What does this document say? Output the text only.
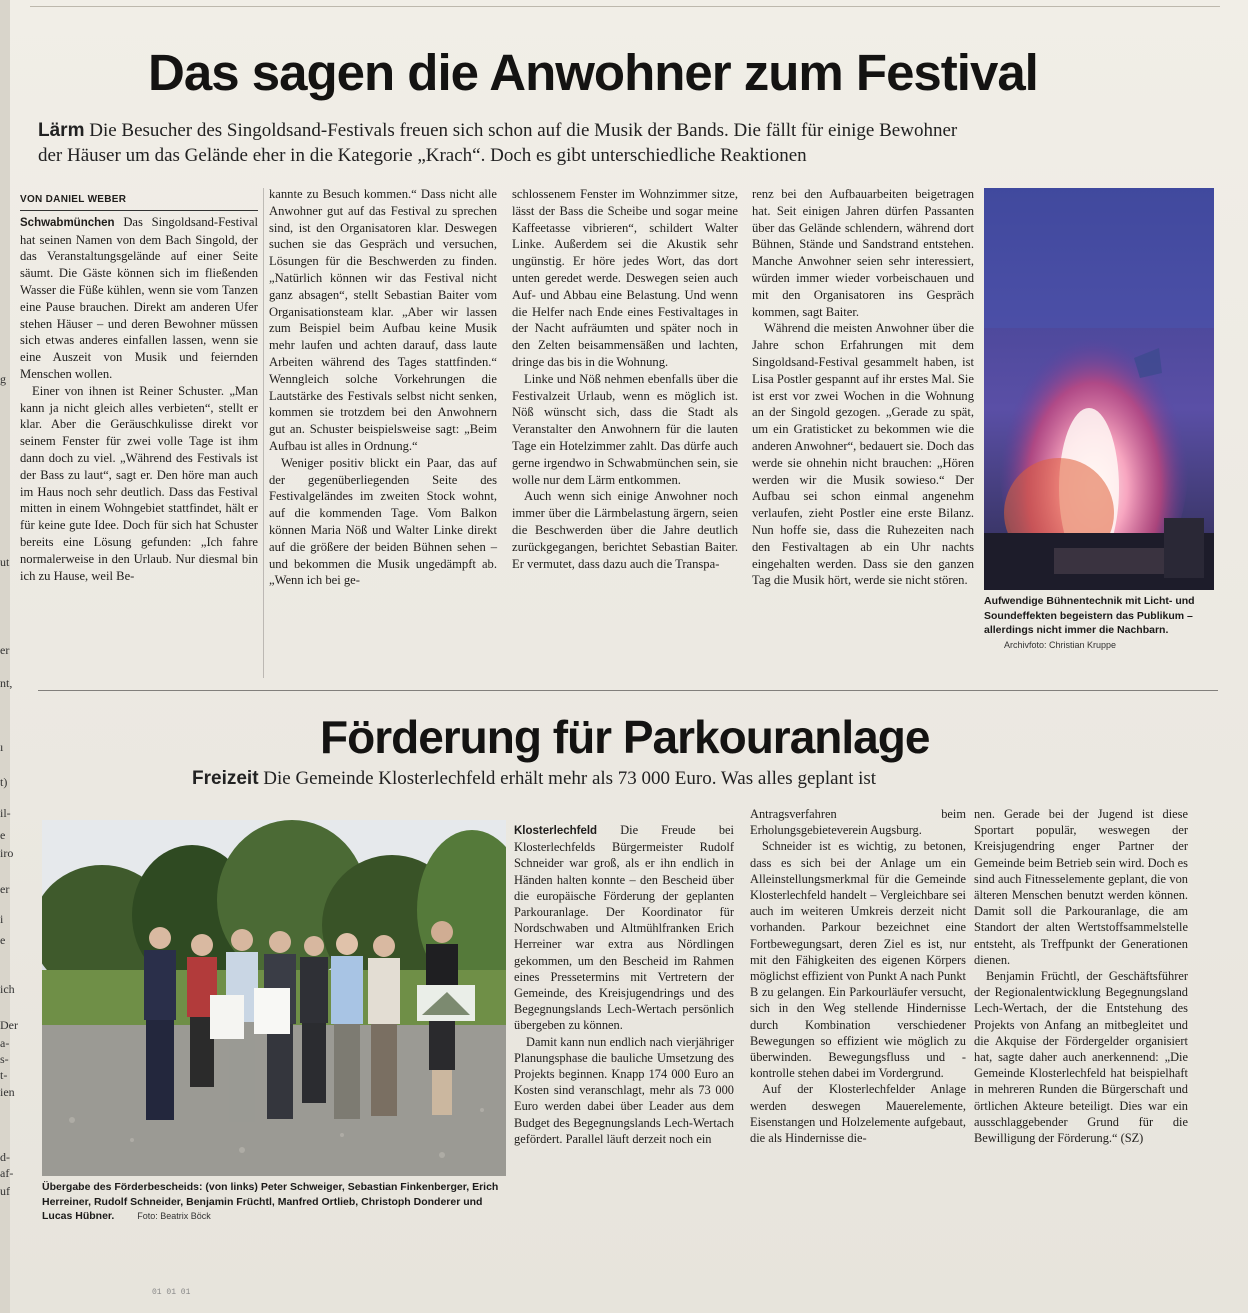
g
ut
er
nt,
ı
t)
il-
e
iro
er
i
e
ich
Der
a-
s-
t-
ien
d-
af-
uf
Das sagen die Anwohner zum Festival
Lärm Die Besucher des Singoldsand-Festivals freuen sich schon auf die Musik der Bands. Die fällt für einige Bewohner
der Häuser um das Gelände eher in die Kategorie „Krach“. Doch es gibt unterschiedliche Reaktionen
VON DANIEL WEBER

Schwabmünchen Das Singoldsand-Festival hat seinen Namen von dem Bach Singold, der das Veranstaltungsgelände auf einer Seite säumt. Die Gäste können sich im fließenden Wasser die Füße kühlen, wenn sie vom Tanzen eine Pause brauchen. Direkt am anderen Ufer stehen Häuser – und deren Bewohner müssen sich etwas anderes einfallen lassen, wenn sie eine Auszeit von Musik und feiernden Menschen wollen.

Einer von ihnen ist Reiner Schuster. „Man kann ja nicht gleich alles verbieten“, stellt er klar. Aber die Geräuschkulisse direkt vor seinem Fenster für zwei volle Tage ist ihm dann doch zu viel. „Während des Festivals ist der Bass zu laut“, sagt er. Den höre man auch im Haus noch sehr deutlich. Dass das Festival mitten in einem Wohngebiet stattfindet, hält er für keine gute Idee. Doch für sich hat Schuster bereits eine Lösung gefunden: „Ich fahre normalerweise in den Urlaub. Nur diesmal bin ich zu Hause, weil Be-

kannte zu Besuch kommen.“ Dass nicht alle Anwohner gut auf das Festival zu sprechen sind, ist den Organisatoren klar. Deswegen suchen sie das Gespräch und versuchen, Lösungen für die Beschwerden zu finden. „Natürlich können wir das Festival nicht ganz absagen“, stellt Sebastian Baiter vom Organisationsteam klar. „Aber wir lassen zum Beispiel beim Aufbau keine Musik mehr laufen und achten darauf, dass laute Arbeiten während des Tages stattfinden.“ Wenngleich solche Vorkehrungen die Lautstärke des Festivals selbst nicht senken, kommen sie trotzdem bei den Anwohnern gut an. Schuster beispielsweise sagt: „Beim Aufbau ist alles in Ordnung.“

Weniger positiv blickt ein Paar, das auf der gegenüberliegenden Seite des Festivalgeländes im zweiten Stock wohnt, auf die kommenden Tage. Vom Balkon können Maria Nöß und Walter Linke direkt auf die größere der beiden Bühnen sehen – und bekommen die Musik ungedämpft ab. „Wenn ich bei ge-

schlossenem Fenster im Wohnzimmer sitze, lässt der Bass die Scheibe und sogar meine Kaffeetasse vibrieren“, schildert Walter Linke. Außerdem sei die Akustik sehr ungünstig. Er höre jedes Wort, das dort unten geredet werde. Deswegen seien auch Auf- und Abbau eine Belastung. Und wenn die Helfer nach Ende eines Festivaltages in der Nacht aufräumten und später noch in den Zelten beisammensäßen und lachten, dringe das bis in die Wohnung.

Linke und Nöß nehmen ebenfalls über die Festivalzeit Urlaub, wenn es möglich ist. Nöß wünscht sich, dass die Stadt als Veranstalter den Anwohnern für die lauten Tage ein Hotelzimmer zahlt. Das dürfe auch gerne irgendwo in Schwabmünchen sein, sie wolle nur dem Lärm entkommen.

Auch wenn sich einige Anwohner noch immer über die Lärmbelastung ärgern, seien die Beschwerden über die Jahre deutlich zurückgegangen, berichtet Sebastian Baiter. Er vermutet, dass dazu auch die Transpa-

renz bei den Aufbauarbeiten beigetragen hat. Seit einigen Jahren dürfen Passanten über das Gelände schlendern, während dort Bühnen, Stände und Sandstrand entstehen. Manche Anwohner seien sehr interessiert, würden immer wieder vorbeischauen und mit den Organisatoren ins Gespräch kommen, sagt Baiter.

Während die meisten Anwohner über die Jahre schon Erfahrungen mit dem Singoldsand-Festival gesammelt haben, ist Lisa Postler gespannt auf ihr erstes Mal. Sie ist erst vor zwei Wochen in die Wohnung an der Singold gezogen. „Gerade zu spät, um ein Gratisticket zu bekommen wie die anderen Anwohner“, bedauert sie. Doch das werde sie ohnehin nicht brauchen: „Hören werden wir die Musik sowieso.“ Der Aufbau sei schon einmal angenehm verlaufen, zieht Postler eine erste Bilanz. Nun hoffe sie, dass die Ruhezeiten nach den Festivaltagen ab ein Uhr nachts eingehalten werden. Dass sie den ganzen Tag die Musik hört, werde sie nicht stören.

Aufwendige Bühnentechnik mit Licht- und Soundeffekten begeistern das Publikum – allerdings nicht immer die Nachbarn. Archivfoto: Christian Kruppe
Förderung für Parkouranlage
Freizeit Die Gemeinde Klosterlechfeld erhält mehr als 73 000 Euro. Was alles geplant ist
Übergabe des Förderbescheids: (von links) Peter Schweiger, Sebastian Finkenberger, Erich Herreiner, Rudolf Schneider, Benjamin Früchtl, Manfred Ortlieb, Christoph Donderer und Lucas Hübner.	Foto: Beatrix Böck

Klosterlechfeld Die Freude bei Klosterlechfelds Bürgermeister Rudolf Schneider war groß, als er ihn endlich in Händen halten konnte – den Bescheid über die europäische Förderung der geplanten Parkouranlage. Der Koordinator für Nordschwaben und Altmühlfranken Erich Herreiner war extra aus Nördlingen gekommen, um den Bescheid im Rahmen eines Pressetermins mit Vertretern der Gemeinde, des Kreisjugendrings und des Begegnungslands Lech-Wertach persönlich übergeben zu können.

Damit kann nun endlich nach vierjähriger Planungsphase die bauliche Umsetzung des Projekts beginnen. Knapp 174 000 Euro an Kosten sind veranschlagt, mehr als 73 000 Euro werden dabei über Leader aus dem Budget des Begegnungslands Lech-Wertach gefördert. Parallel läuft derzeit noch ein

Antragsverfahren beim Erholungsgebieteverein Augsburg.

Schneider ist es wichtig, zu betonen, dass es sich bei der Anlage um ein Alleinstellungsmerkmal für die Gemeinde Klosterlechfeld handelt – Vergleichbare sei auch im weiteren Umkreis derzeit nicht vorhanden. Parkour bezeichnet eine Fortbewegungsart, deren Ziel es ist, nur mit den Fähigkeiten des eigenen Körpers möglichst effizient von Punkt A nach Punkt B zu gelangen. Ein Parkourläufer versucht, sich in den Weg stellende Hindernisse durch Kombination verschiedener Bewegungen so effizient wie möglich zu überwinden. Bewegungsfluss und -kontrolle stehen dabei im Vordergrund.

Auf der Klosterlechfelder Anlage werden deswegen Mauerelemente, Eisenstangen und Holzelemente aufgebaut, die als Hindernisse die-

nen. Gerade bei der Jugend ist diese Sportart populär, weswegen der Kreisjugendring enger Partner der Gemeinde beim Betrieb sein wird. Doch es sind auch Fitnesselemente geplant, die von älteren Menschen benutzt werden können. Damit soll die Parkouranlage, die am Standort der alten Wertstoffsammelstelle entsteht, als Treffpunkt der Generationen dienen.

Benjamin Früchtl, der Geschäftsführer der Regionalentwicklung Begegnungsland Lech-Wertach, der die Entstehung des Projekts von Anfang an mitbegleitet und die Akquise der Fördergelder organisiert hat, sagte daher auch anerkennend: „Die Gemeinde Klosterlechfeld hat beispielhaft in mehreren Runden die Bürgerschaft und örtlichen Akteure beteiligt. Dies war ein ausschlaggebender Grund für die Bewilligung der Förderung.“ (SZ)

01 01 01
